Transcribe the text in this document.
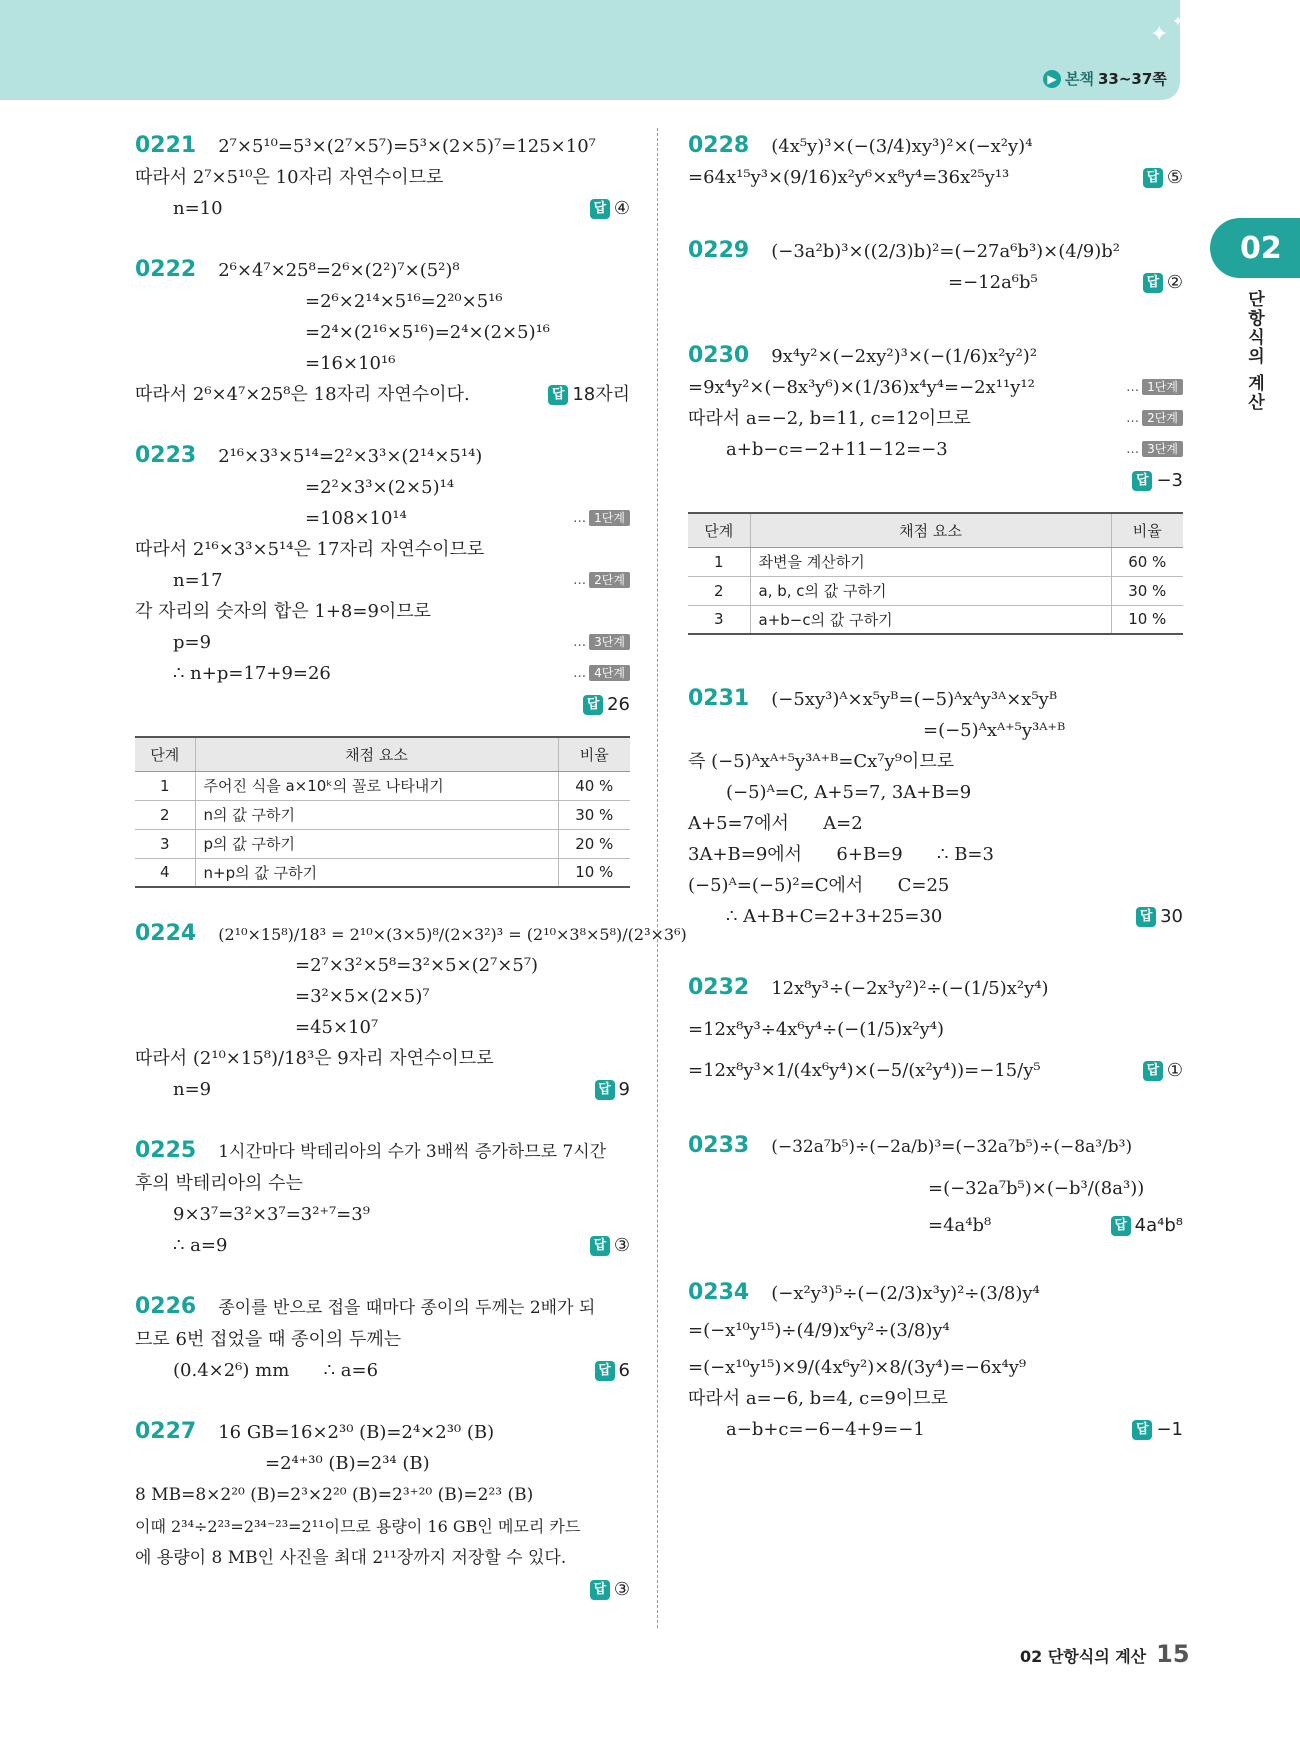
✦ ✦
▶ 본책 33~37쪽
02
단항식의 계산
0221 2⁷×5¹⁰=5³×(2⁷×5⁷)=5³×(2×5)⁷=125×10⁷
따라서 2⁷×5¹⁰은 10자리 자연수이므로
n=10	답 ④
0222 2⁶×4⁷×25⁸=2⁶×(2²)⁷×(5²)⁸
=2⁶×2¹⁴×5¹⁶=2²⁰×5¹⁶
=2⁴×(2¹⁶×5¹⁶)=2⁴×(2×5)¹⁶
=16×10¹⁶
따라서 2⁶×4⁷×25⁸은 18자리 자연수이다.	답 18자리
0223 2¹⁶×3³×5¹⁴=2²×3³×(2¹⁴×5¹⁴)
=2²×3³×(2×5)¹⁴
=108×10¹⁴	… 1단계
따라서 2¹⁶×3³×5¹⁴은 17자리 자연수이므로
n=17	… 2단계
각 자리의 숫자의 합은 1+8=9이므로
p=9	… 3단계
∴ n+p=17+9=26	… 4단계
답 26
단계	채점 요소	비율
1	주어진 식을 a×10ᵏ의 꼴로 나타내기	40 %
2	n의 값 구하기	30 %
3	p의 값 구하기	20 %
4	n+p의 값 구하기	10 %
0224 (2¹⁰×15⁸)/18³ = 2¹⁰×(3×5)⁸/(2×3²)³ = (2¹⁰×3⁸×5⁸)/(2³×3⁶)
=2⁷×3²×5⁸=3²×5×(2⁷×5⁷)
=3²×5×(2×5)⁷
=45×10⁷
따라서 (2¹⁰×15⁸)/18³은 9자리 자연수이므로
n=9	답 9
0225 1시간마다 박테리아의 수가 3배씩 증가하므로 7시간
후의 박테리아의 수는
9×3⁷=3²×3⁷=3²⁺⁷=3⁹
∴ a=9	답 ③
0226 종이를 반으로 접을 때마다 종이의 두께는 2배가 되
므로 6번 접었을 때 종이의 두께는
(0.4×2⁶) mm      ∴ a=6	답 6
0227 16 GB=16×2³⁰ (B)=2⁴×2³⁰ (B)
=2⁴⁺³⁰ (B)=2³⁴ (B)
8 MB=8×2²⁰ (B)=2³×2²⁰ (B)=2³⁺²⁰ (B)=2²³ (B)
이때 2³⁴÷2²³=2³⁴⁻²³=2¹¹이므로 용량이 16 GB인 메모리 카드
에 용량이 8 MB인 사진을 최대 2¹¹장까지 저장할 수 있다.
답 ③
0228 (4x⁵y)³×(−(3/4)xy³)²×(−x²y)⁴
=64x¹⁵y³×(9/16)x²y⁶×x⁸y⁴=36x²⁵y¹³	답 ⑤
0229 (−3a²b)³×((2/3)b)²=(−27a⁶b³)×(4/9)b²
=−12a⁶b⁵	답 ②
0230 9x⁴y²×(−2xy²)³×(−(1/6)x²y²)²
=9x⁴y²×(−8x³y⁶)×(1/36)x⁴y⁴=−2x¹¹y¹²	… 1단계
따라서 a=−2, b=11, c=12이므로	… 2단계
a+b−c=−2+11−12=−3	… 3단계
답 −3
단계	채점 요소	비율
1	좌변을 계산하기	60 %
2	a, b, c의 값 구하기	30 %
3	a+b−c의 값 구하기	10 %
0231 (−5xy³)ᴬ×x⁵yᴮ=(−5)ᴬxᴬy³ᴬ×x⁵yᴮ
=(−5)ᴬxᴬ⁺⁵y³ᴬ⁺ᴮ
즉 (−5)ᴬxᴬ⁺⁵y³ᴬ⁺ᴮ=Cx⁷y⁹이므로
(−5)ᴬ=C, A+5=7, 3A+B=9
A+5=7에서      A=2
3A+B=9에서      6+B=9      ∴ B=3
(−5)ᴬ=(−5)²=C에서      C=25
∴ A+B+C=2+3+25=30	답 30
0232 12x⁸y³÷(−2x³y²)²÷(−(1/5)x²y⁴)
=12x⁸y³÷4x⁶y⁴÷(−(1/5)x²y⁴)
=12x⁸y³×1/(4x⁶y⁴)×(−5/(x²y⁴))=−15/y⁵	답 ①
0233 (−32a⁷b⁵)÷(−2a/b)³=(−32a⁷b⁵)÷(−8a³/b³)
=(−32a⁷b⁵)×(−b³/(8a³))
=4a⁴b⁸	답 4a⁴b⁸
0234 (−x²y³)⁵÷(−(2/3)x³y)²÷(3/8)y⁴
=(−x¹⁰y¹⁵)÷(4/9)x⁶y²÷(3/8)y⁴
=(−x¹⁰y¹⁵)×9/(4x⁶y²)×8/(3y⁴)=−6x⁴y⁹
따라서 a=−6, b=4, c=9이므로
a−b+c=−6−4+9=−1	답 −1
02 단항식의 계산 15
